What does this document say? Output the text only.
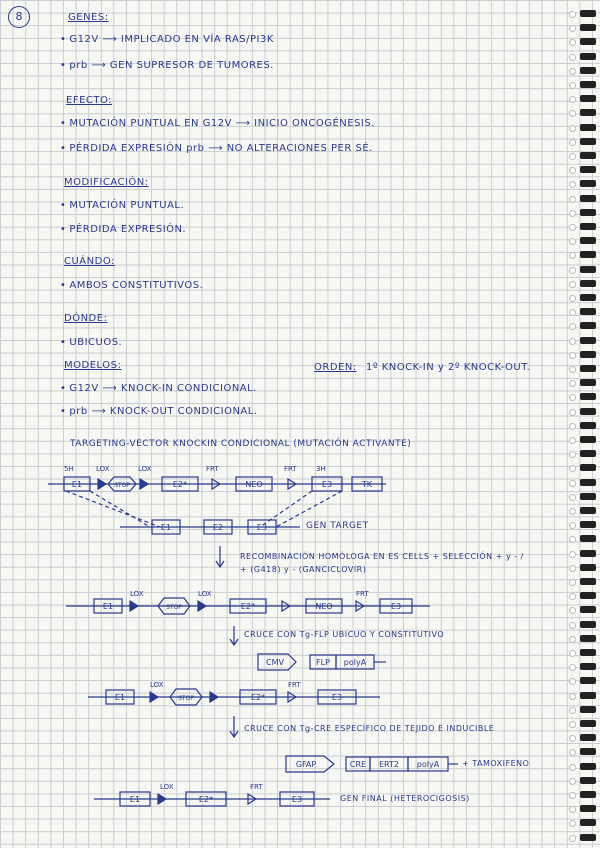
8	GENES:
• G12V ⟶ IMPLICADO EN VÍA RAS/PI3K
• prb ⟶ GEN SUPRESOR DE TUMORES.
EFECTO:
• MUTACIÓN PUNTUAL EN G12V ⟶ INICIO ONCOGÉNESIS.
• PÉRDIDA EXPRESIÓN prb ⟶ NO ALTERACIONES PER SÉ.
MODIFICACIÓN:
• MUTACIÓN PUNTUAL.
• PÉRDIDA EXPRESIÓN.
CUÁNDO:
• AMBOS CONSTITUTIVOS.
DÓNDE:
• UBICUOS.
MODELOS:	ORDEN: 1º KNOCK-IN y 2º KNOCK-OUT.
• G12V ⟶ KNOCK-IN CONDICIONAL.
• prb ⟶ KNOCK-OUT CONDICIONAL.
TARGETING-VECTOR KNOCKIN CONDICIONAL (MUTACIÓN ACTIVANTE)
5H	LOX	LOX	FRT	FRT	3H
LOX	LOX	FRT
LOX	FRT
LOX	FRT
E1	STOP	E2*	NEO	E3	TK
E1	E2	E3
E1	STOP	E2*	NEO	E3
CMV	FLP polyA
E1	STOP	E2*	E3
GFAP	CRE ERT2 polyA
E1	E2*	E3
GEN TARGET
RECOMBINACIÓN HOMÓLOGA EN ES CELLS + SELECCIÓN + y - / + (G418) y - (GANCICLOVIR)
CRUCE CON Tg-FLP UBICUO Y CONSTITUTIVO
CRUCE CON Tg-CRE ESPECÍFICO DE TEJIDO E INDUCIBLE
+ TAMOXIFENO
GEN FINAL (HETEROCIGOSIS)
